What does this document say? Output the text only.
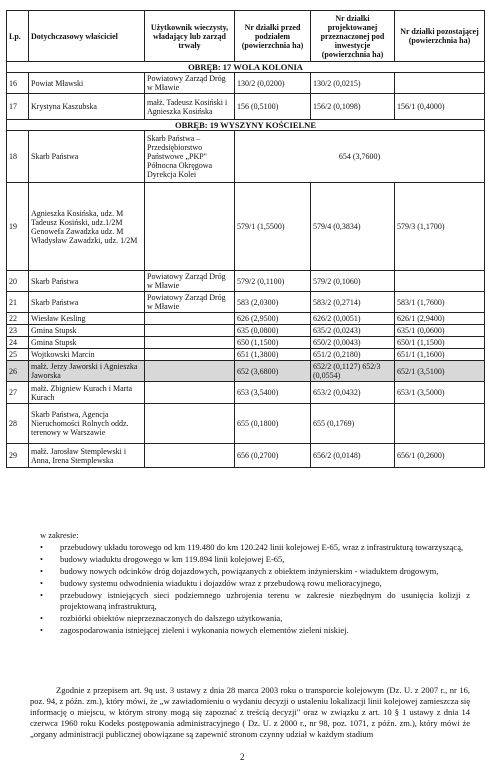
Lp.	Dotychczasowy właściciel	Użytkownik wieczysty, władający lub zarząd trwały	Nr działki przed podziałem (powierzchnia ha)	Nr działki projektowanej przeznaczonej pod inwestycje (powierzchnia ha)	Nr działki pozostającej (powierzchnia ha)
OBRĘB: 17 WOLA KOLONIA					
16	Powiat Mławski	Powiatowy Zarząd Dróg w Mławie	130/2 (0,0200)	130/2 (0,0215)	
17	Krystyna Kaszubska	małż. Tadeusz Kosiński i Agnieszka Kosińska	156 (0,5100)	156/2 (0,1098)	156/1 (0,4000)
OBRĘB: 19 WYSZYNY KOŚCIELNE					
18	Skarb Państwa	Skarb Państwa – Przedsiębiorstwo Państwowe „PKP" Północna Okręgowa Dyrekcja Kolei	654 (3,7600)		
19	Agnieszka Kosińska, udz. M Tadeusz Kosiński, udz.1/2M Genowefa Zawadzka udz. M Władysław Zawadzki, udz. 1/2M		579/1 (1,5500)	579/4 (0,3834)	579/3 (1,1700)
20	Skarb Państwa	Powiatowy Zarząd Dróg w Mławie	579/2 (0,1100)	579/2 (0,1060)	
21	Skarb Państwa	Powiatowy Zarząd Dróg w Mławie	583 (2,0300)	583/2 (0,2714)	583/1 (1,7600)
22	Wiesław Kesling		626 (2,9500)	626/2 (0,0051)	626/1 (2,9400)
23	Gmina Stupsk		635 (0,0800)	635/2 (0,0243)	635/1 (0,0600)
24	Gmina Stupsk		650 (1,1500)	650/2 (0,0043)	650/1 (1,1500)
25	Wojtkowski Marcin		651 (1,3800)	651/2 (0,2180)	651/1 (1,1600)
26	małż. Jerzy Jaworski i Agnieszka Jaworska		652 (3,6800)	652/2 (0,1127) 652/3 (0,0554)	652/1 (3,5100)
27	małż. Zbigniew Kurach i Marta Kurach		653 (3,5400)	653/2 (0,0432)	653/1 (3,5000)
28	Skarb Państwa, Agencja Nieruchomości Rolnych oddz. terenowy w Warszawie		655 (0,1800)	655 (0,1769)	
29	małż. Jarosław Stemplewski i Anna, Irena Stemplewska		656 (0,2700)	656/2 (0,0148)	656/1 (0,2600)
w zakresie:
• przebudowy układu torowego od km 119.480 do km 120.242 linii kolejowej E-65, wraz z infrastrukturą towarzyszącą,
• budowy wiaduktu drogowego w km 119.894 linii kolejowej E-65,
• budowy nowych odcinków dróg dojazdowych, powiązanych z obiektem inżynierskim - wiaduktem drogowym,
• budowy systemu odwodnienia wiaduktu i dojazdów wraz z przebudową rowu melioracyjnego,
• przebudowy istniejących sieci podziemnego uzbrojenia terenu w zakresie niezbędnym do usunięcia kolizji z projektowaną infrastrukturą,
• rozbiórki obiektów nieprzeznaczonych do dalszego użytkowania,
• zagospodarowania istniejącej zieleni i wykonania nowych elementów zieleni niskiej.

Zgodnie z przepisem art. 9q ust. 3 ustawy z dnia 28 marca 2003 roku o transporcie kolejowym (Dz. U. z 2007 r., nr 16, poz. 94, z późn. zm.), który mówi, że „w zawiadomieniu o wydaniu decyzji o ustaleniu lokalizacji linii kolejowej zamieszcza się informację o miejscu, w którym strony mogą się zapoznać z treścią decyzji" oraz w związku z art. 10 § 1 ustawy z dnia 14 czerwca 1960 roku Kodeks postępowania administracyjnego ( Dz. U. z 2000 r., nr 98, poz. 1071, z późn. zm.), który mówi że „organy administracji publicznej obowiązane są zapewnić stronom czynny udział w każdym stadium

2
